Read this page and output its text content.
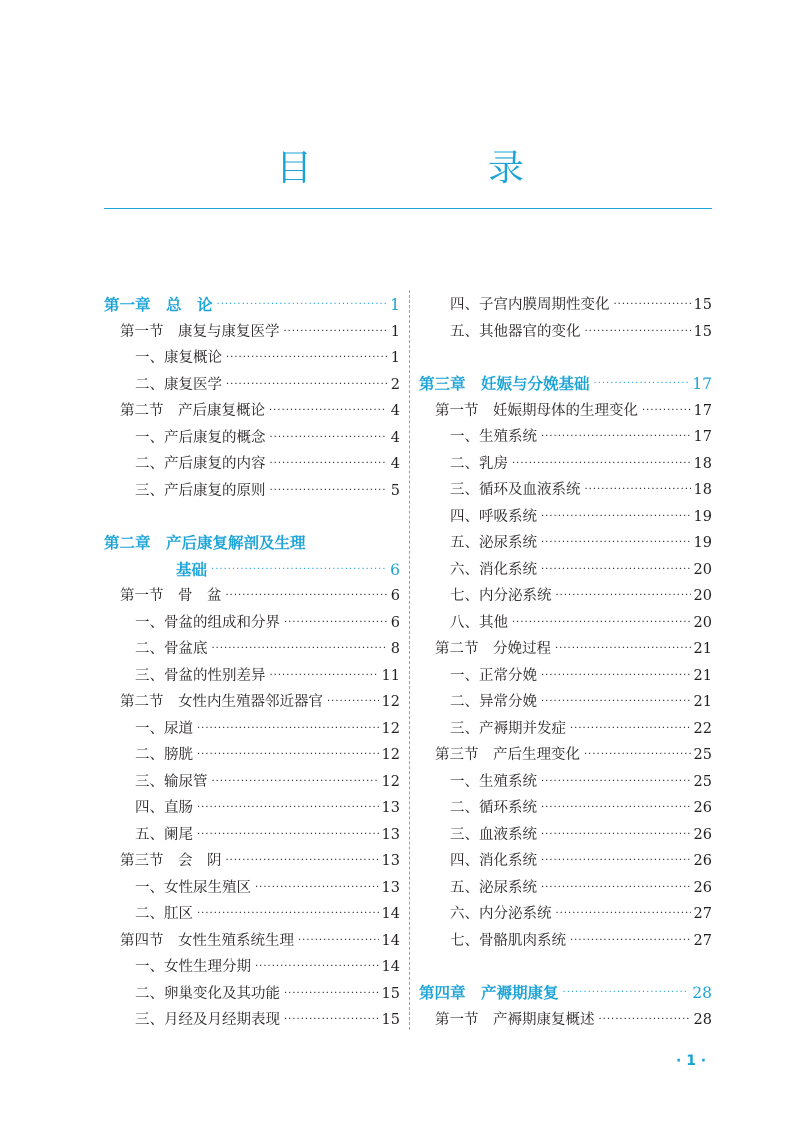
目　录
第一章　总　论 ·····	1
第一节　康复与康复医学 ·····	1
一、康复概论 ·····	1
二、康复医学 ·····	2
第二节　产后康复概论 ·····	4
一、产后康复的概念 ·····	4
二、产后康复的内容 ·····	4
三、产后康复的原则 ·····	5
第二章　产后康复解剖及生理
基础 ·····	6
第一节　骨　盆 ·····	6
一、骨盆的组成和分界 ·····	6
二、骨盆底 ·····	8
三、骨盆的性别差异 ·····	11
第二节　女性内生殖器邻近器官 ·····	12
一、尿道 ·····	12
二、膀胱 ·····	12
三、输尿管 ·····	12
四、直肠 ·····	13
五、阑尾 ·····	13
第三节　会　阴 ·····	13
一、女性尿生殖区 ·····	13
二、肛区 ·····	14
第四节　女性生殖系统生理 ·····	14
一、女性生理分期 ·····	14
二、卵巢变化及其功能 ·····	15
三、月经及月经期表现 ·····	15
四、子宫内膜周期性变化 ·····	15
五、其他器官的变化 ·····	15
第三章　妊娠与分娩基础 ·····	17
第一节　妊娠期母体的生理变化 ·····	17
一、生殖系统 ·····	17
二、乳房 ·····	18
三、循环及血液系统 ·····	18
四、呼吸系统 ·····	19
五、泌尿系统 ·····	19
六、消化系统 ·····	20
七、内分泌系统 ·····	20
八、其他 ·····	20
第二节　分娩过程 ·····	21
一、正常分娩 ·····	21
二、异常分娩 ·····	21
三、产褥期并发症 ·····	22
第三节　产后生理变化 ·····	25
一、生殖系统 ·····	25
二、循环系统 ·····	26
三、血液系统 ·····	26
四、消化系统 ·····	26
五、泌尿系统 ·····	26
六、内分泌系统 ·····	27
七、骨骼肌肉系统 ·····	27
第四章　产褥期康复 ·····	28
第一节　产褥期康复概述 ·····	28
· 1 ·
